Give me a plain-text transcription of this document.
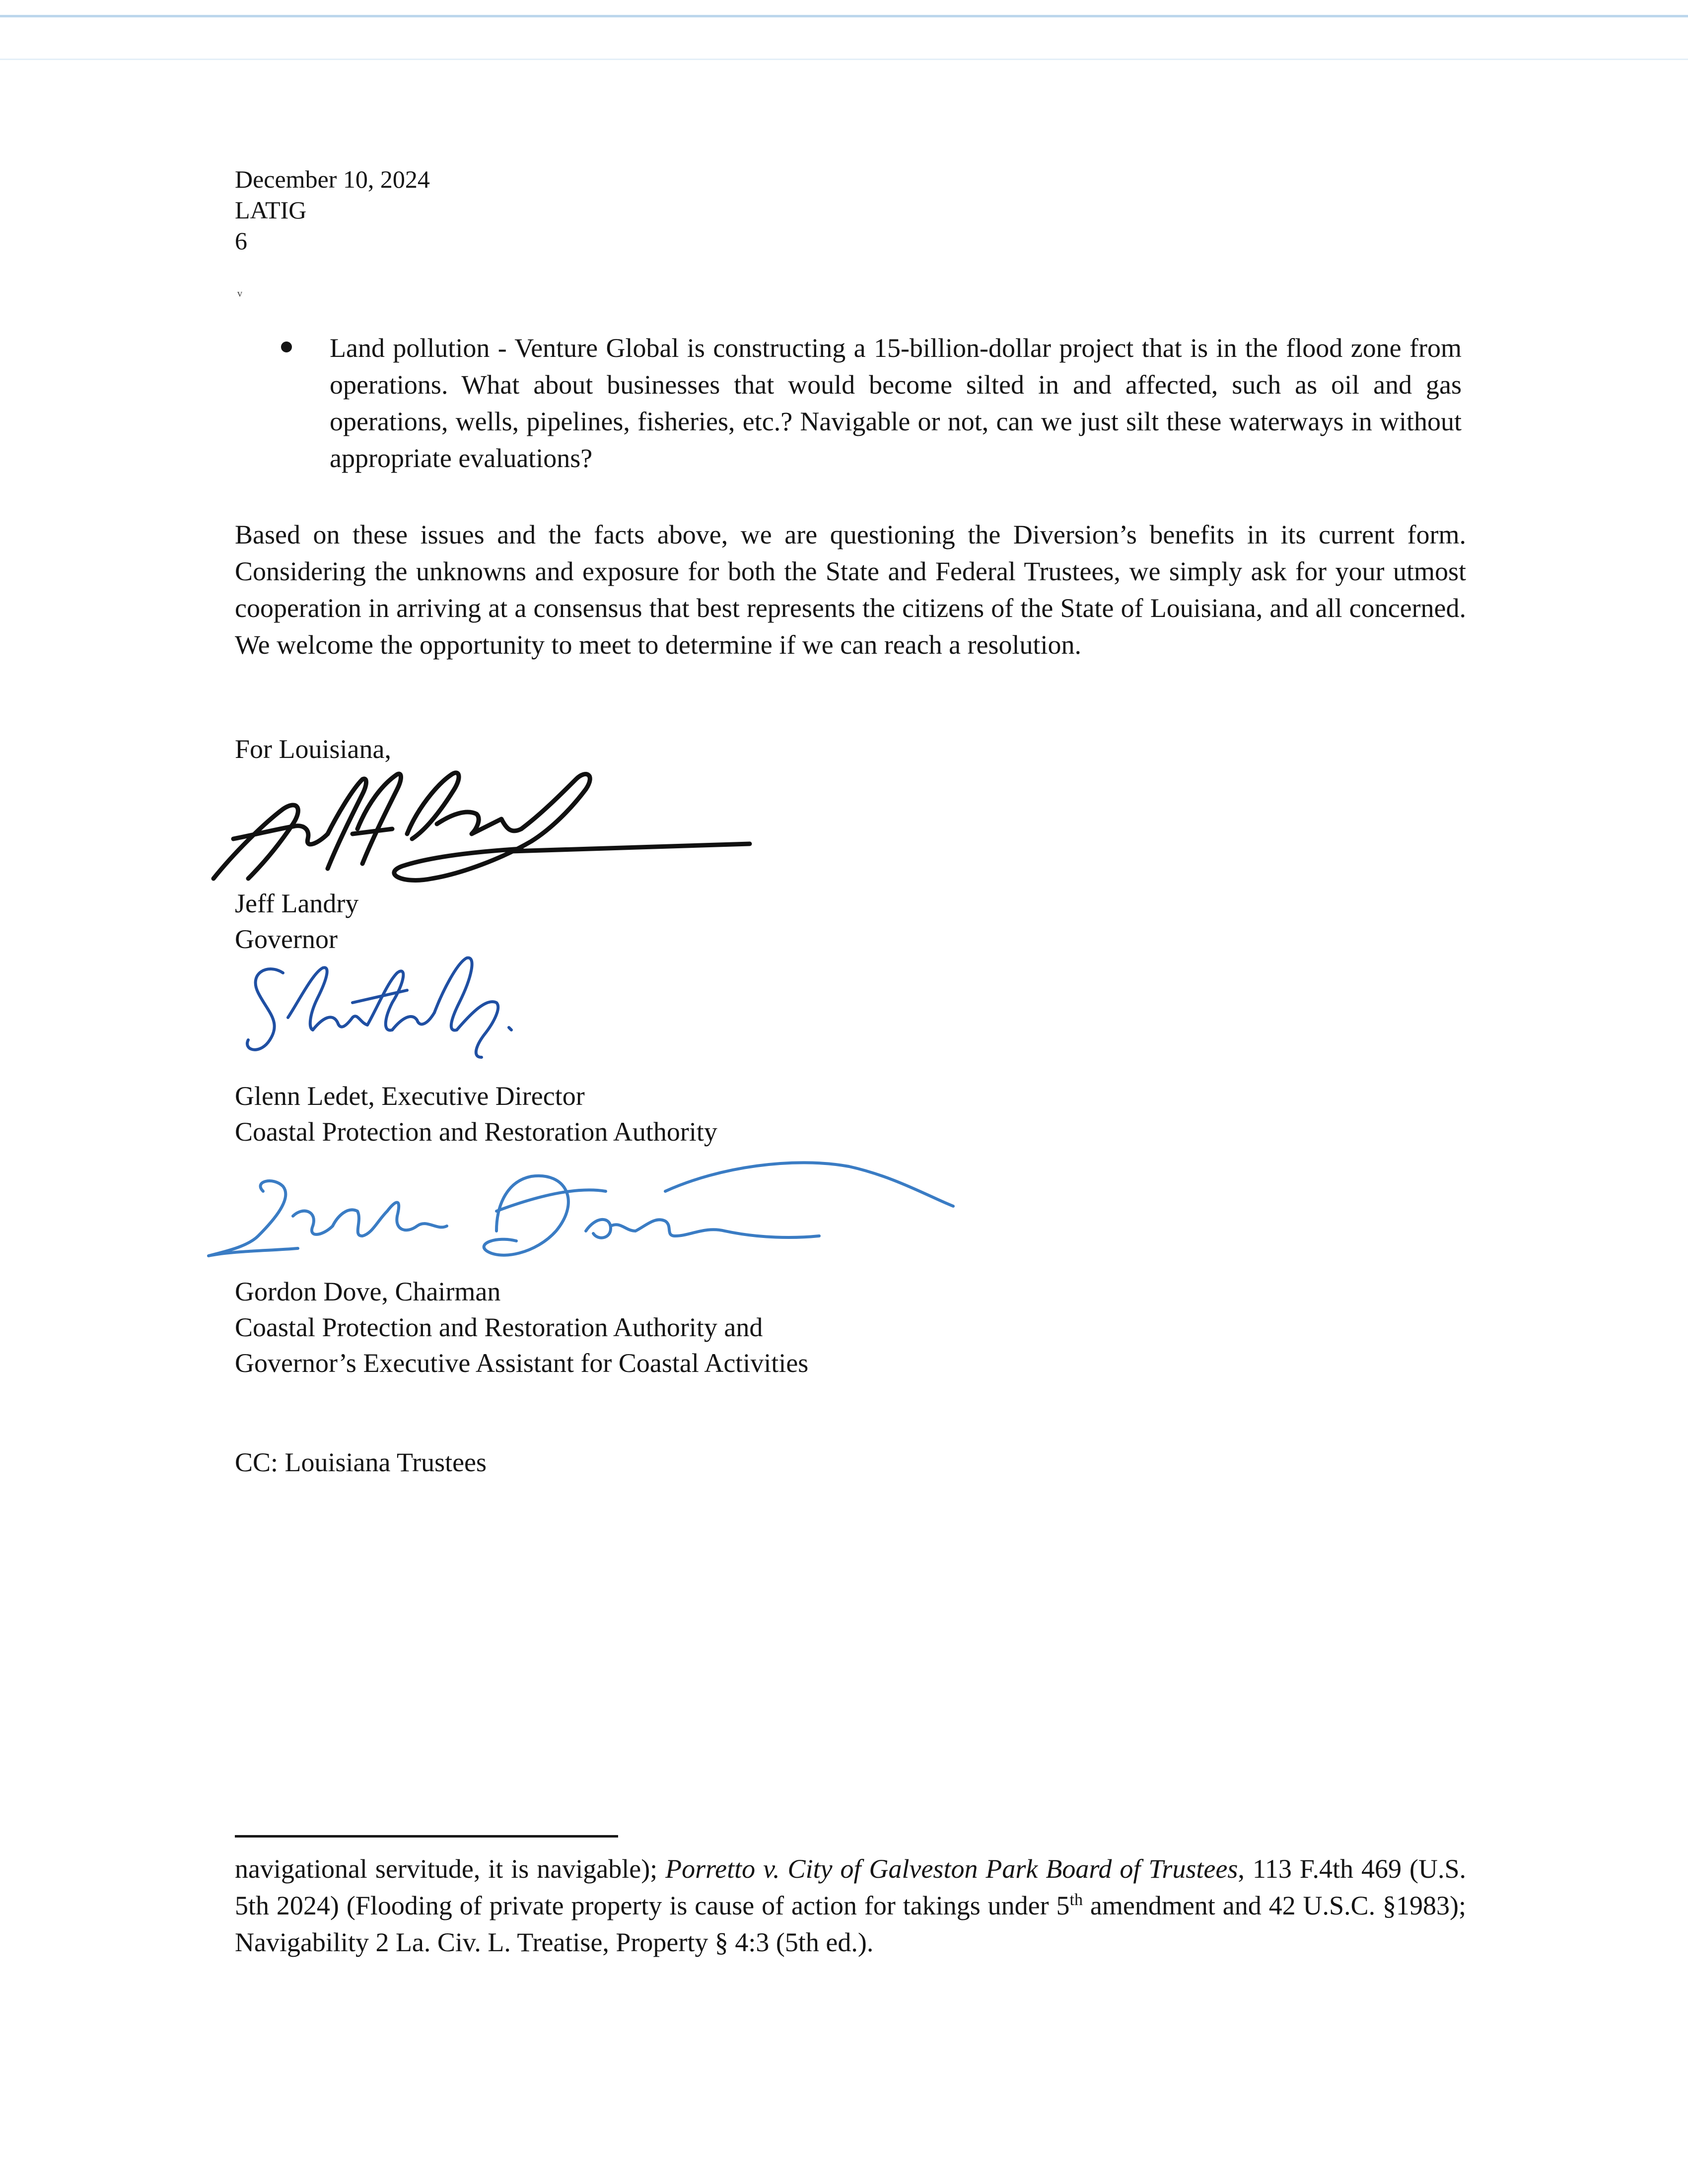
December 10, 2024
LATIG
6
ᵛ
Land pollution - Venture Global is constructing a 15-billion-dollar project that is in the flood zone from operations. What about businesses that would become silted in and affected, such as oil and gas operations, wells, pipelines, fisheries, etc.? Navigable or not, can we just silt these waterways in without appropriate evaluations?
Based on these issues and the facts above, we are questioning the Diversion’s benefits in its current form. Considering the unknowns and exposure for both the State and Federal Trustees, we simply ask for your utmost cooperation in arriving at a consensus that best represents the citizens of the State of Louisiana, and all concerned. We welcome the opportunity to meet to determine if we can reach a resolution.
For Louisiana,
Jeff Landry
Governor
Glenn Ledet, Executive Director
Coastal Protection and Restoration Authority
Gordon Dove, Chairman
Coastal Protection and Restoration Authority and
Governor’s Executive Assistant for Coastal Activities
CC: Louisiana Trustees
navigational servitude, it is navigable); Porretto v. City of Galveston Park Board of Trustees, 113 F.4th 469 (U.S. 5th 2024) (Flooding of private property is cause of action for takings under 5th amendment and 42 U.S.C. §1983); Navigability 2 La. Civ. L. Treatise, Property § 4:3 (5th ed.).
